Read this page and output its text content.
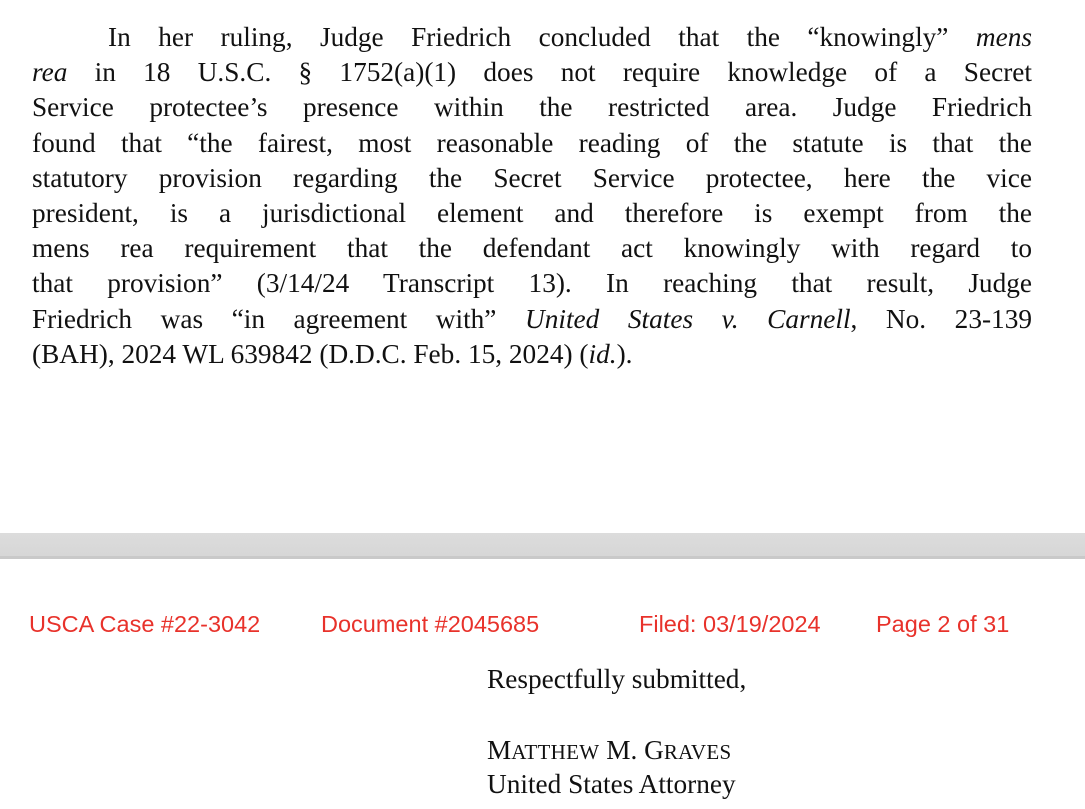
In her ruling, Judge Friedrich concluded that the “knowingly” mens
rea in 18 U.S.C. § 1752(a)(1) does not require knowledge of a Secret
Service protectee’s presence within the restricted area. Judge Friedrich
found that “the fairest, most reasonable reading of the statute is that the
statutory provision regarding the Secret Service protectee, here the vice
president, is a jurisdictional element and therefore is exempt from the
mens rea requirement that the defendant act knowingly with regard to
that provision” (3/14/24 Transcript 13). In reaching that result, Judge
Friedrich was “in agreement with” United States v. Carnell, No. 23-139
(BAH), 2024 WL 639842 (D.D.C. Feb. 15, 2024) (id.).
USCA Case #22-3042	Document #2045685	Filed: 03/19/2024 Page 2 of 31
Respectfully submitted,
MATTHEW M. GRAVES
United States Attorney
